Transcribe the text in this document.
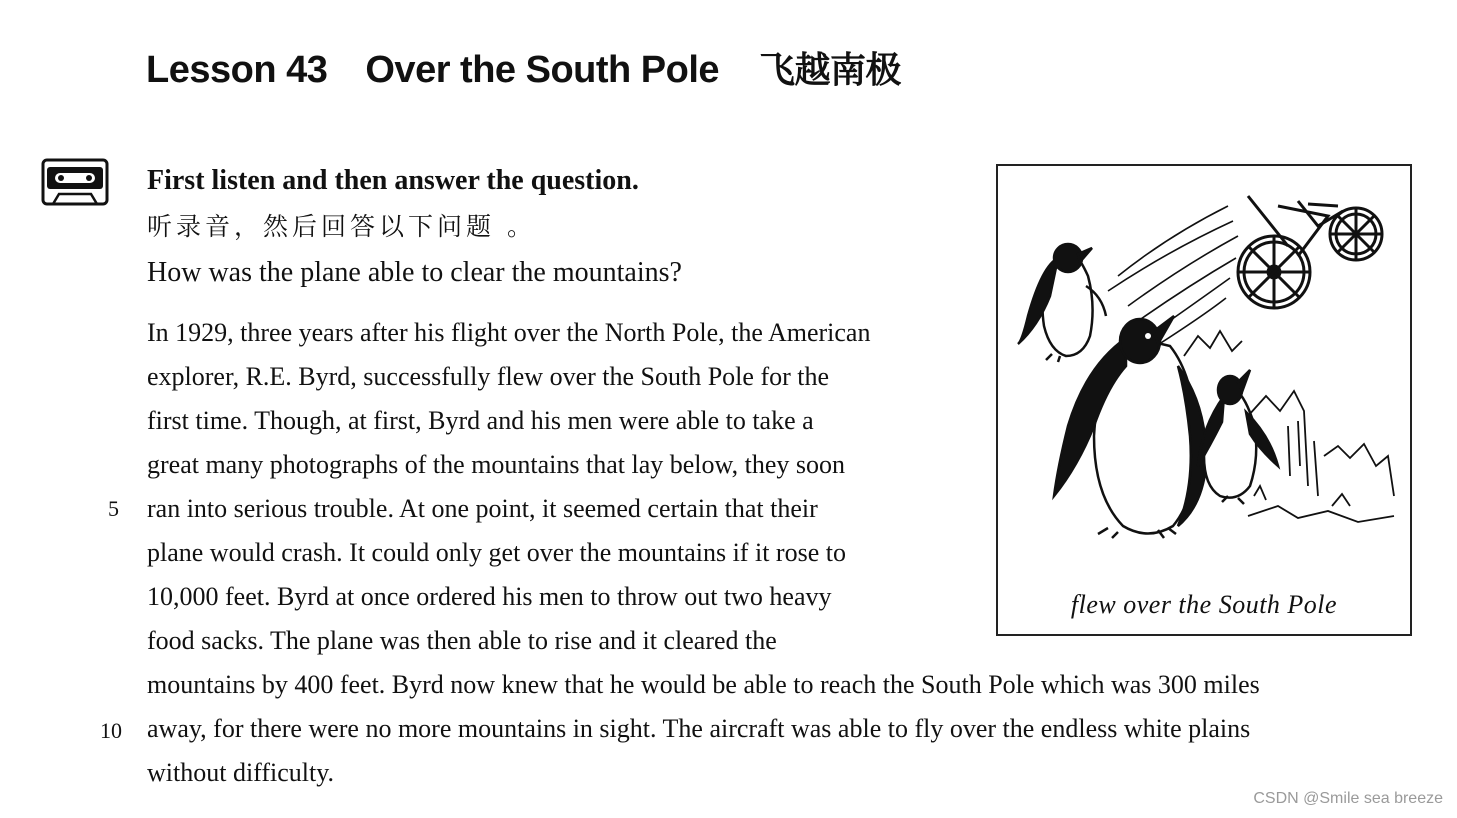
Lesson 43 Over the South Pole 飞越南极
First listen and then answer the question.
听录音，然后回答以下问题 。
How was the plane able to clear the mountains?
In 1929, three years after his flight over the North Pole, the American
explorer, R.E. Byrd, successfully flew over the South Pole for the
first time. Though, at first, Byrd and his men were able to take a
great many photographs of the mountains that lay below, they soon
ran into serious trouble. At one point, it seemed certain that their
plane would crash. It could only get over the mountains if it rose to
10,000 feet. Byrd at once ordered his men to throw out two heavy
food sacks. The plane was then able to rise and it cleared the
mountains by 400 feet. Byrd now knew that he would be able to reach the South Pole which was 300 miles
away, for there were no more mountains in sight. The aircraft was able to fly over the endless white plains
without difficulty.
5
10
flew over the South Pole
CSDN @Smile sea breeze
